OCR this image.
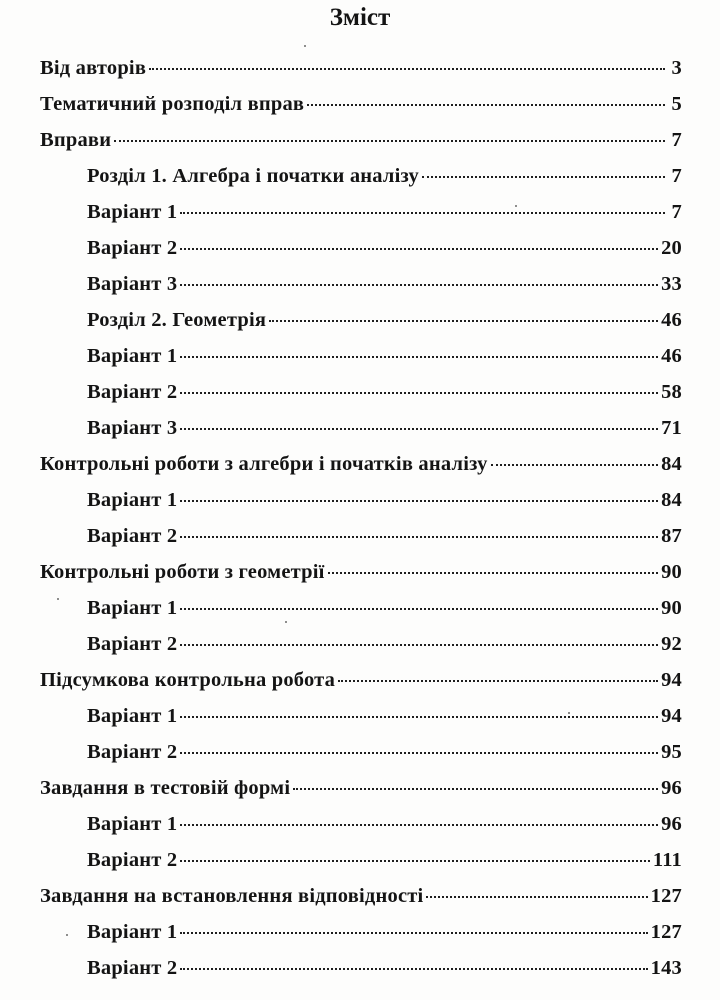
Зміст
Від авторів	3
Тематичний розподіл вправ	5
Вправи	7
Розділ 1. Алгебра і початки аналізу	7
Варіант 1	7
Варіант 2	20
Варіант 3	33
Розділ 2. Геометрія	46
Варіант 1	46
Варіант 2	58
Варіант 3	71
Контрольні роботи з алгебри і початків аналізу	84
Варіант 1	84
Варіант 2	87
Контрольні роботи з геометрії	90
Варіант 1	90
Варіант 2	92
Підсумкова контрольна робота	94
Варіант 1	94
Варіант 2	95
Завдання в тестовій формі	96
Варіант 1	96
Варіант 2	111
Завдання на встановлення відповідності	127
Варіант 1	127
Варіант 2	143
